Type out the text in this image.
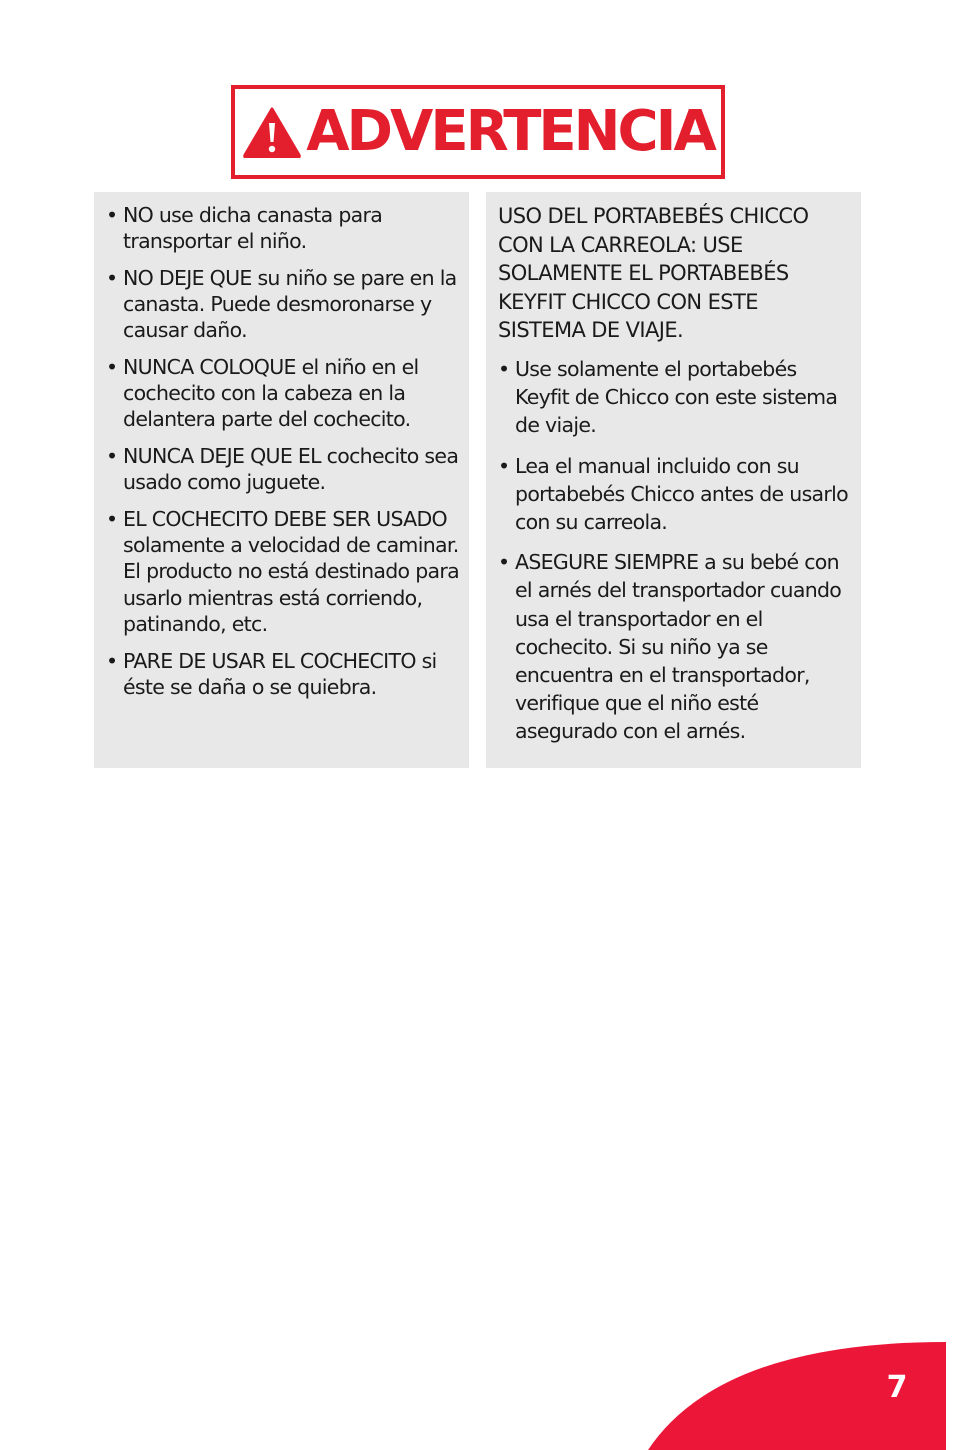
ADVERTENCIA
• NO use dicha canasta para transportar el niño.
• NO DEJE QUE su niño se pare en la canasta. Puede desmoronarse y causar daño.
• NUNCA COLOQUE el niño en el cochecito con la cabeza en la delantera parte del cochecito.
• NUNCA DEJE QUE EL cochecito sea usado como juguete.
• EL COCHECITO DEBE SER USADO solamente a velocidad de caminar. El producto no está destinado para usarlo mientras está corriendo, patinando, etc.
• PARE DE USAR EL COCHECITO si éste se daña o se quiebra.

USO DEL PORTABEBÉS CHICCO CON LA CARREOLA: USE SOLAMENTE EL PORTABEBÉS KEYFIT CHICCO CON ESTE SISTEMA DE VIAJE.

• Use solamente el portabebés Keyfit de Chicco con este sistema de viaje.
• Lea el manual incluido con su portabebés Chicco antes de usarlo con su carreola.
• ASEGURE SIEMPRE a su bebé con el arnés del transportador cuando usa el transportador en el cochecito. Si su niño ya se encuentra en el transportador, verifique que el niño esté asegurado con el arnés.
7
